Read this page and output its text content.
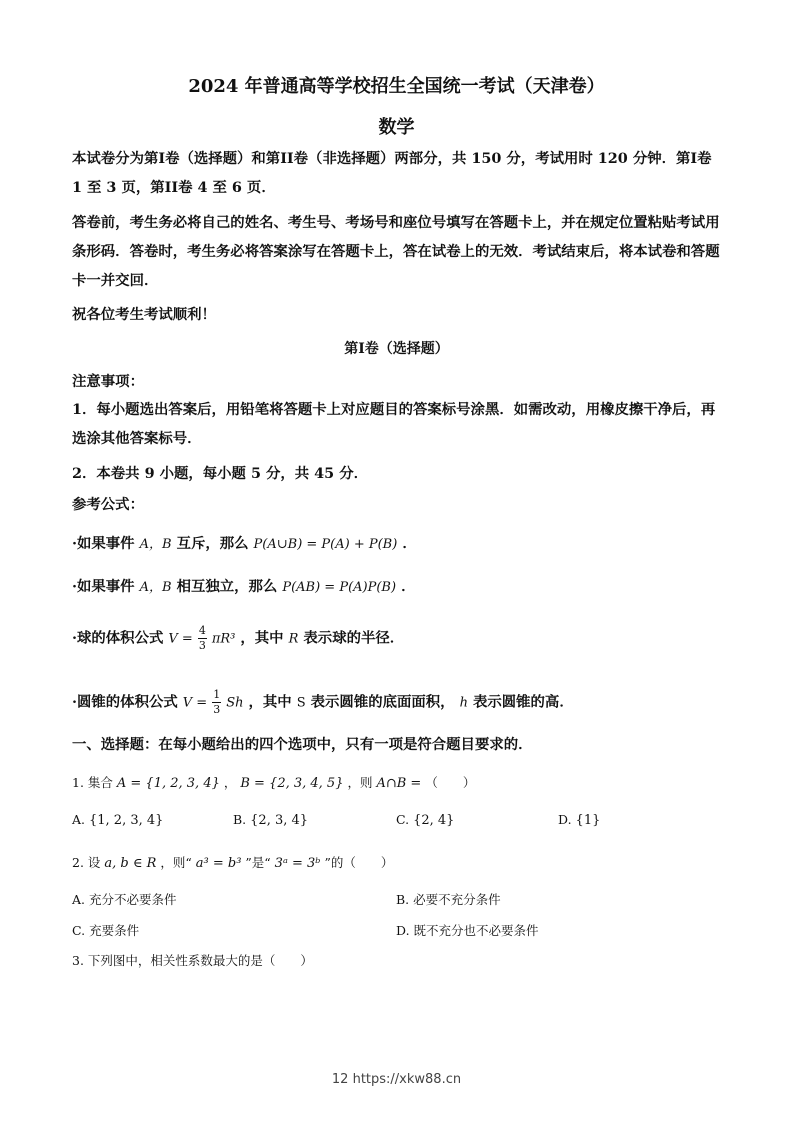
2024 年普通高等学校招生全国统一考试（天津卷）
数学

本试卷分为第I卷（选择题）和第II卷（非选择题）两部分，共 150 分，考试用时 120 分钟．第I卷 1 至 3 页，第II卷 4 至 6 页．

答卷前，考生务必将自己的姓名、考生号、考场号和座位号填写在答题卡上，并在规定位置粘贴考试用条形码．答卷时，考生务必将答案涂写在答题卡上，答在试卷上的无效．考试结束后，将本试卷和答题卡一并交回．

祝各位考生考试顺利！

第I卷（选择题）
注意事项：

1．每小题选出答案后，用铅笔将答题卡上对应题目的答案标号涂黑．如需改动，用橡皮擦干净后，再选涂其他答案标号．

2．本卷共 9 小题，每小题 5 分，共 45 分．
参考公式：
·如果事件 A，B 互斥，那么 P(A∪B) = P(A) + P(B) ．
·如果事件 A，B 相互独立，那么 P(AB) = P(A)P(B) ．
·球的体积公式 $V = \frac{4}{3} \pi R^3$ ，其中 R 表示球的半径．
·圆锥的体积公式 $V = \frac{1}{3}$ Sh ，其中 S 表示圆锥的底面面积， h 表示圆锥的高．
一、选择题：在每小题给出的四个选项中，只有一项是符合题目要求的．
1. 集合 A = {1, 2, 3, 4} ， B = {2, 3, 4, 5} ，则 A∩B = （　　）
A. {1, 2, 3, 4}	B. {2, 3, 4}	C. {2, 4}	D. {1}
2. 设 a, b ∈ R ，则“ a³ = b³ ”是“ 3ᵃ = 3ᵇ ”的（　　）
A. 充分不必要条件	B. 必要不充分条件
C. 充要条件	D. 既不充分也不必要条件
3. 下列图中，相关性系数最大的是（　　）
12 https://xkw88.cn
